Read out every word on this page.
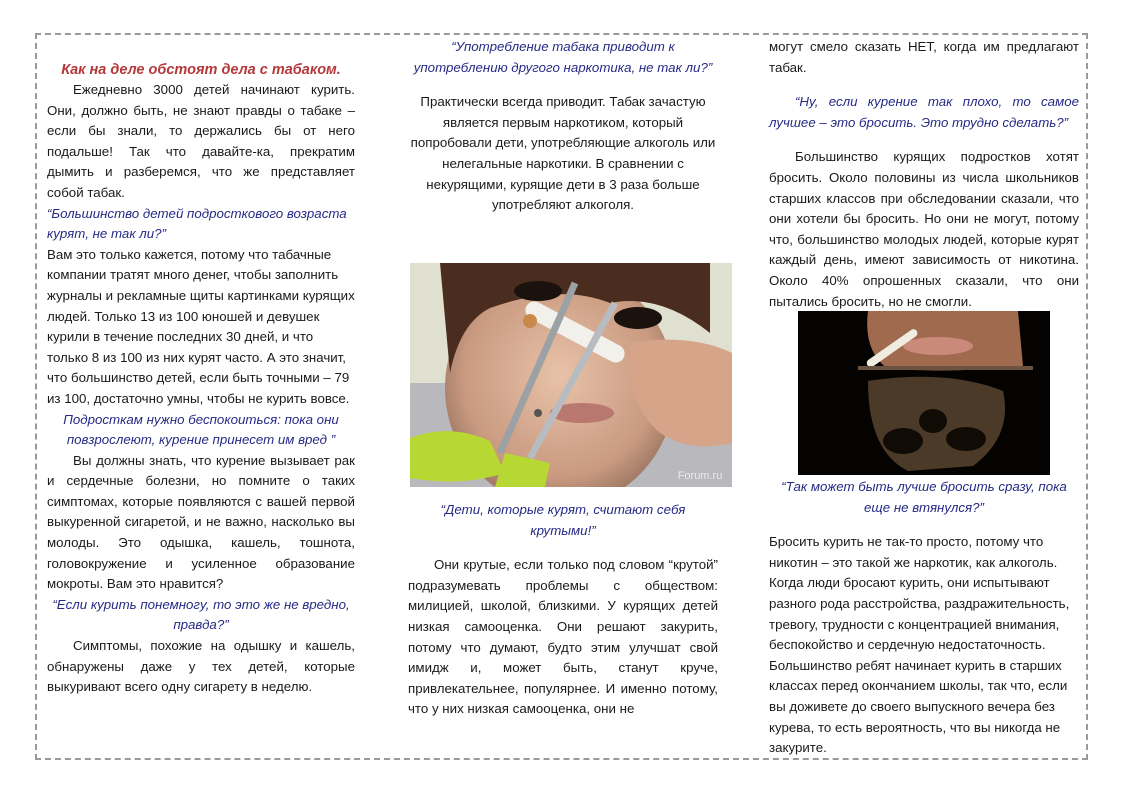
Как на деле обстоят дела с табаком.

Ежедневно 3000 детей начинают курить. Они, должно быть, не знают правды о табаке – если бы знали, то держались бы от него подальше! Так что давайте-ка, прекратим дымить и разберемся, что же представляет собой табак.

“Большинство детей подросткового возраста курят, не так ли?”

Вам это только кажется, потому что табачные компании тратят много денег, чтобы заполнить журналы и рекламные щиты картинками курящих людей. Только 13 из 100 юношей и девушек курили в течение последних 30 дней, и что только 8 из 100 из них курят часто. А это значит, что большинство детей, если быть точными – 79 из 100, достаточно умны, чтобы не курить вовсе.

Подросткам нужно беспокоиться: пока они повзрослеют, курение принесет им вред ”

Вы должны знать, что курение вызывает рак и сердечные болезни, но помните о таких симптомах, которые появляются с вашей первой выкуренной сигаретой, и не важно, насколько вы молоды. Это одышка, кашель, тошнота, головокружение и усиленное образование мокроты. Вам это нравится?

“Если курить понемногу, то это же не вредно, правда?”

Симптомы, похожие на одышку и кашель, обнаружены даже у тех детей, которые выкуривают всего одну сигарету в неделю.

“Употребление табака приводит к употреблению другого наркотика, не так ли?”

Практически всегда приводит. Табак зачастую является первым наркотиком, который попробовали дети, употребляющие алкоголь или нелегальные наркотики. В сравнении с некурящими, курящие дети в 3 раза больше употребляют алкоголя.

Forum.ru

“Дети, которые курят, считают себя крутыми!”

Они крутые, если только под словом “крутой” подразумевать проблемы с обществом: милицией, школой, близкими. У курящих детей низкая самооценка. Они решают закурить, потому что думают, будто этим улучшат свой имидж и, может быть, станут круче, привлекательнее, популярнее. И именно потому, что у них низкая самооценка, они не

могут смело сказать НЕТ, когда им предлагают табак.

“Ну, если курение так плохо, то самое лучшее – это бросить. Это трудно сделать?”

Большинство курящих подростков хотят бросить. Около половины из числа школьников старших классов при обследовании сказали, что они хотели бы бросить. Но они не могут, потому что, большинство молодых людей, которые курят каждый день, имеют зависимость от никотина. Около 40% опрошенных сказали, что они пытались бросить, но не смогли.

“Так может быть лучше бросить сразу, пока еще не втянулся?”

Бросить курить не так-то просто, потому что никотин – это такой же наркотик, как алкоголь. Когда люди бросают курить, они испытывают разного рода расстройства, раздражительность, тревогу, трудности с концентрацией внимания, беспокойство и сердечную недостаточность. Большинство ребят начинает курить в старших классах перед окончанием школы, так что, если вы доживете до своего выпускного вечера без курева, то есть вероятность, что вы никогда не закурите.
